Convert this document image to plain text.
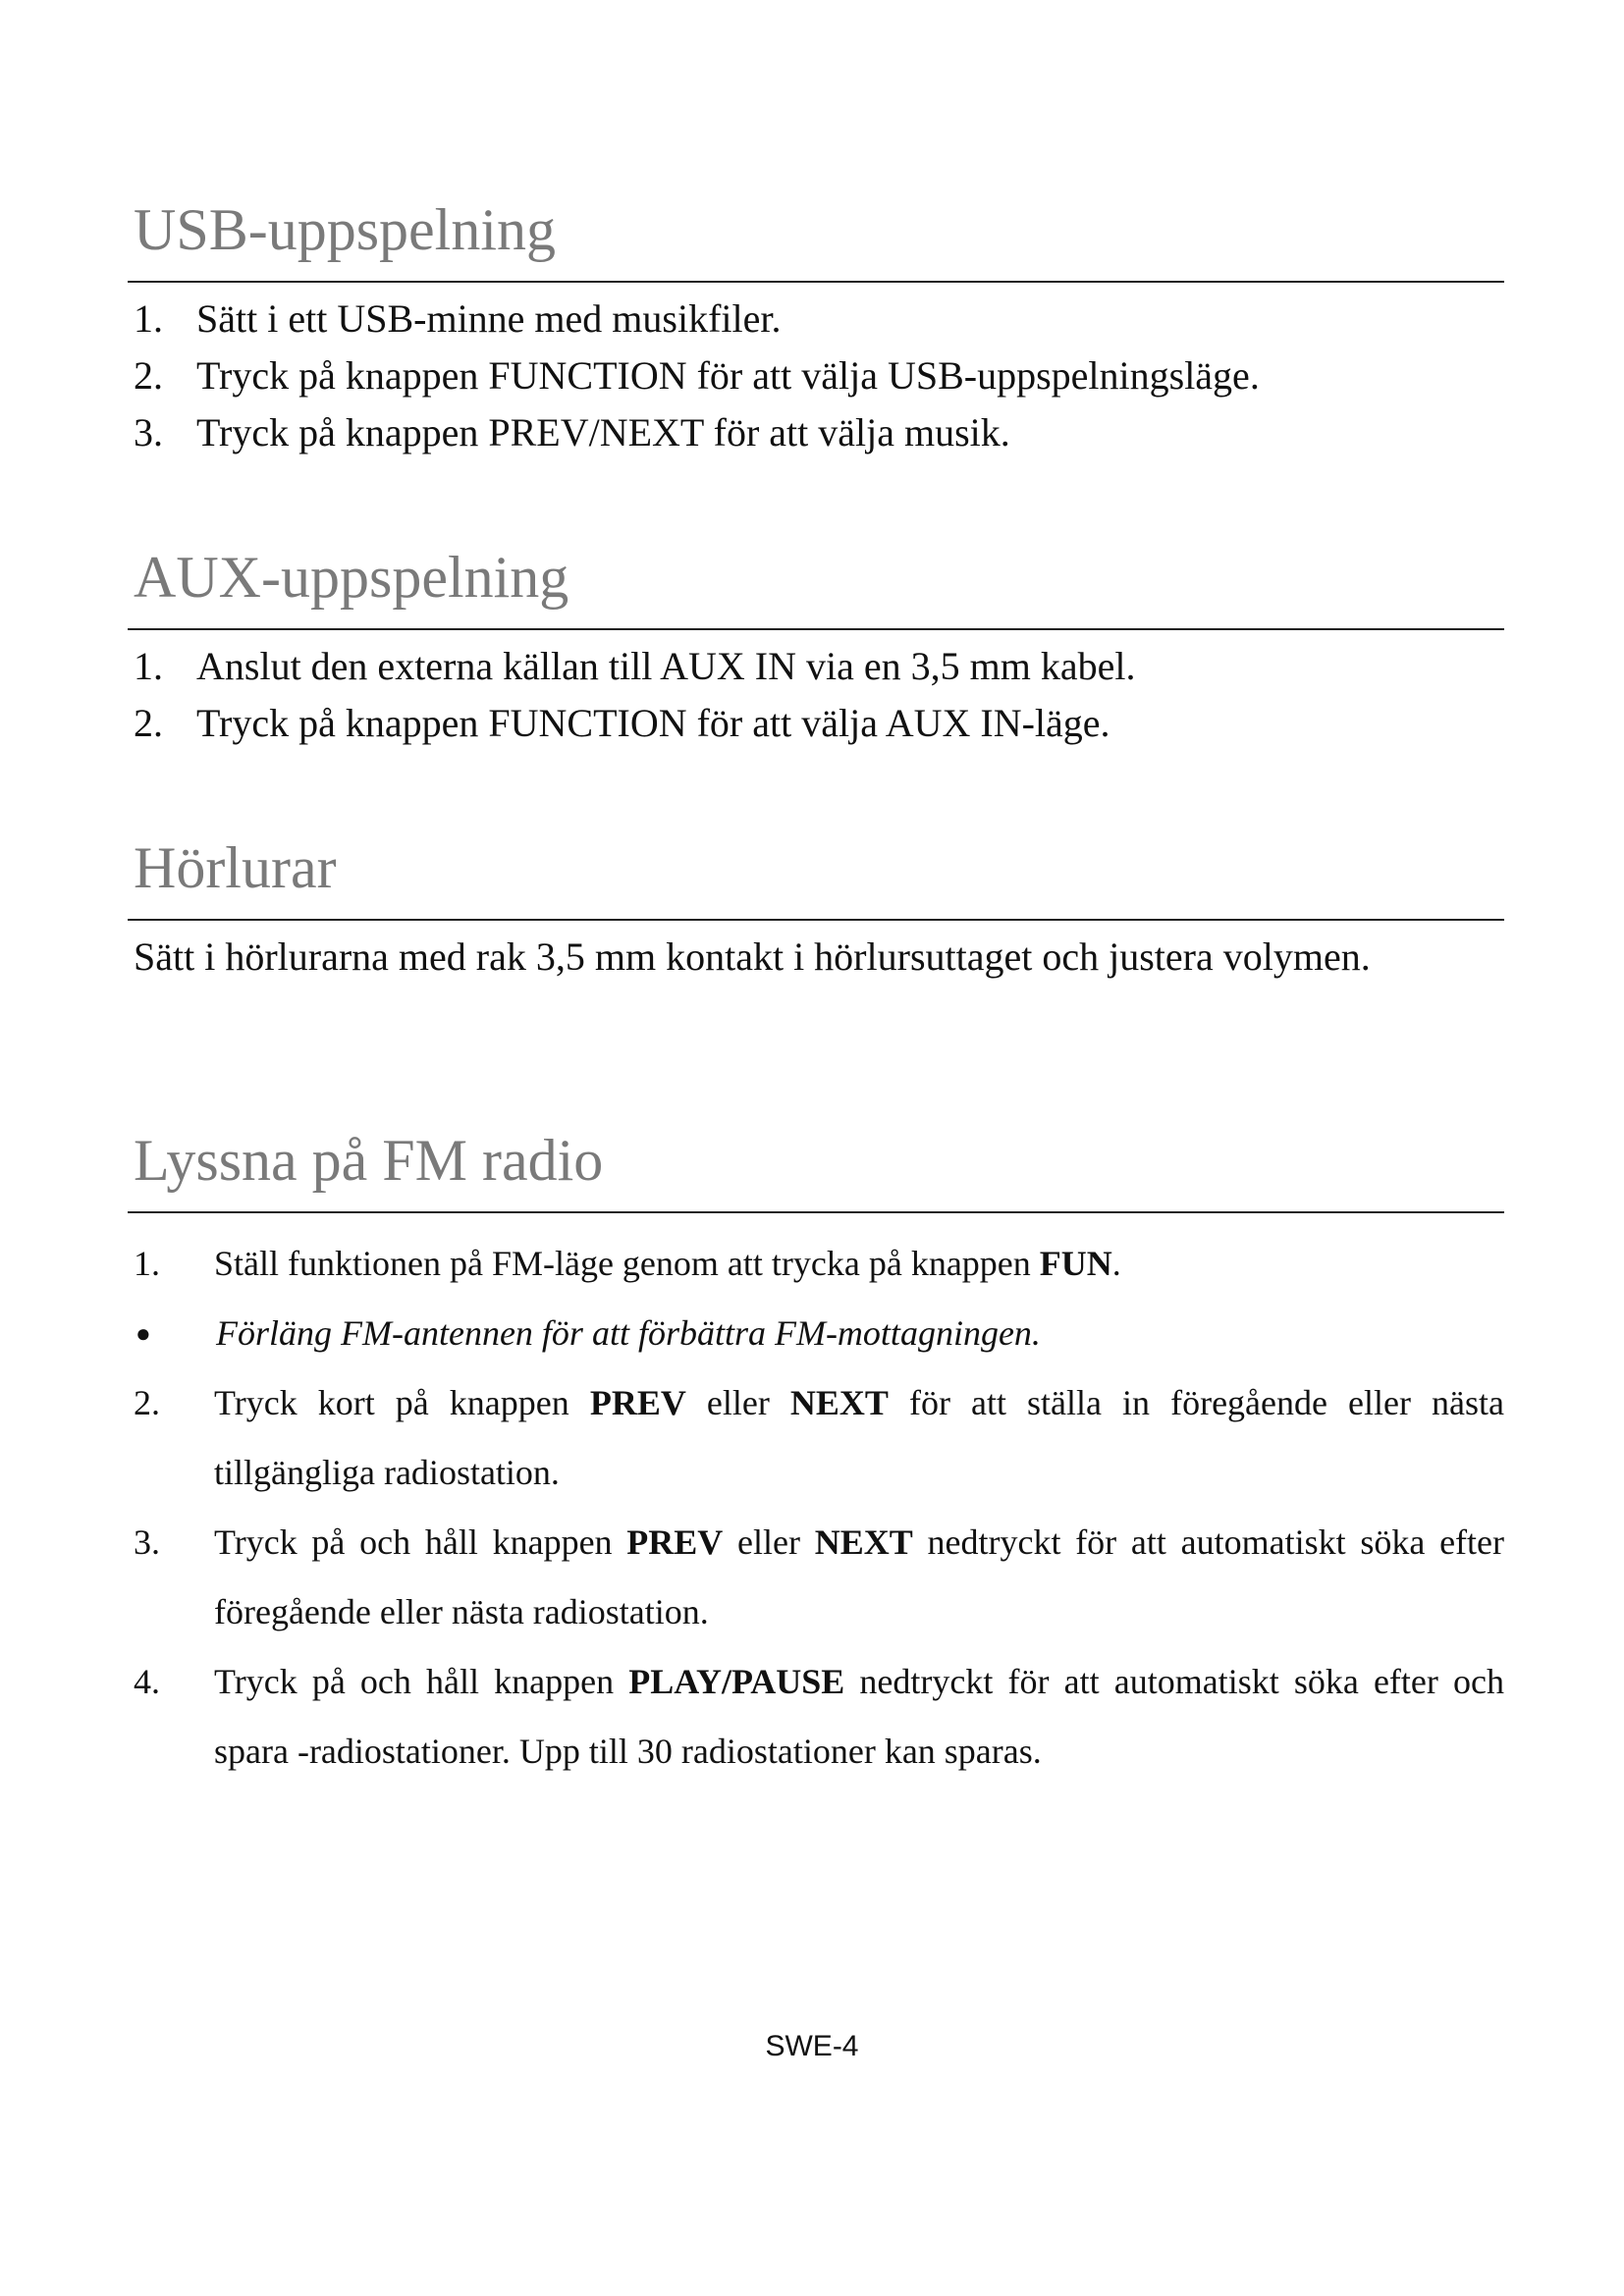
USB-uppspelning
1. Sätt i ett USB-minne med musikfiler.
2. Tryck på knappen FUNCTION för att välja USB-uppspelningsläge.
3. Tryck på knappen PREV/NEXT för att välja musik.
AUX-uppspelning
1. Anslut den externa källan till AUX IN via en 3,5 mm kabel.
2. Tryck på knappen FUNCTION för att välja AUX IN-läge.
Hörlurar

Sätt i hörlurarna med rak 3,5 mm kontakt i hörlursuttaget och justera volymen.

Lyssna på FM radio
1.	Ställ funktionen på FM-läge genom att trycka på knappen FUN.
●	Förläng FM-antennen för att förbättra FM-mottagningen.
2.	Tryck kort på knappen PREV eller NEXT för att ställa in föregående eller nästa tillgängliga radiostation.
3.	Tryck på och håll knappen PREV eller NEXT nedtryckt för att automatiskt söka efter föregående eller nästa radiostation.
4.	Tryck på och håll knappen PLAY/PAUSE nedtryckt för att automatiskt söka efter och spara -radiostationer. Upp till 30 radiostationer kan sparas.
SWE-4
